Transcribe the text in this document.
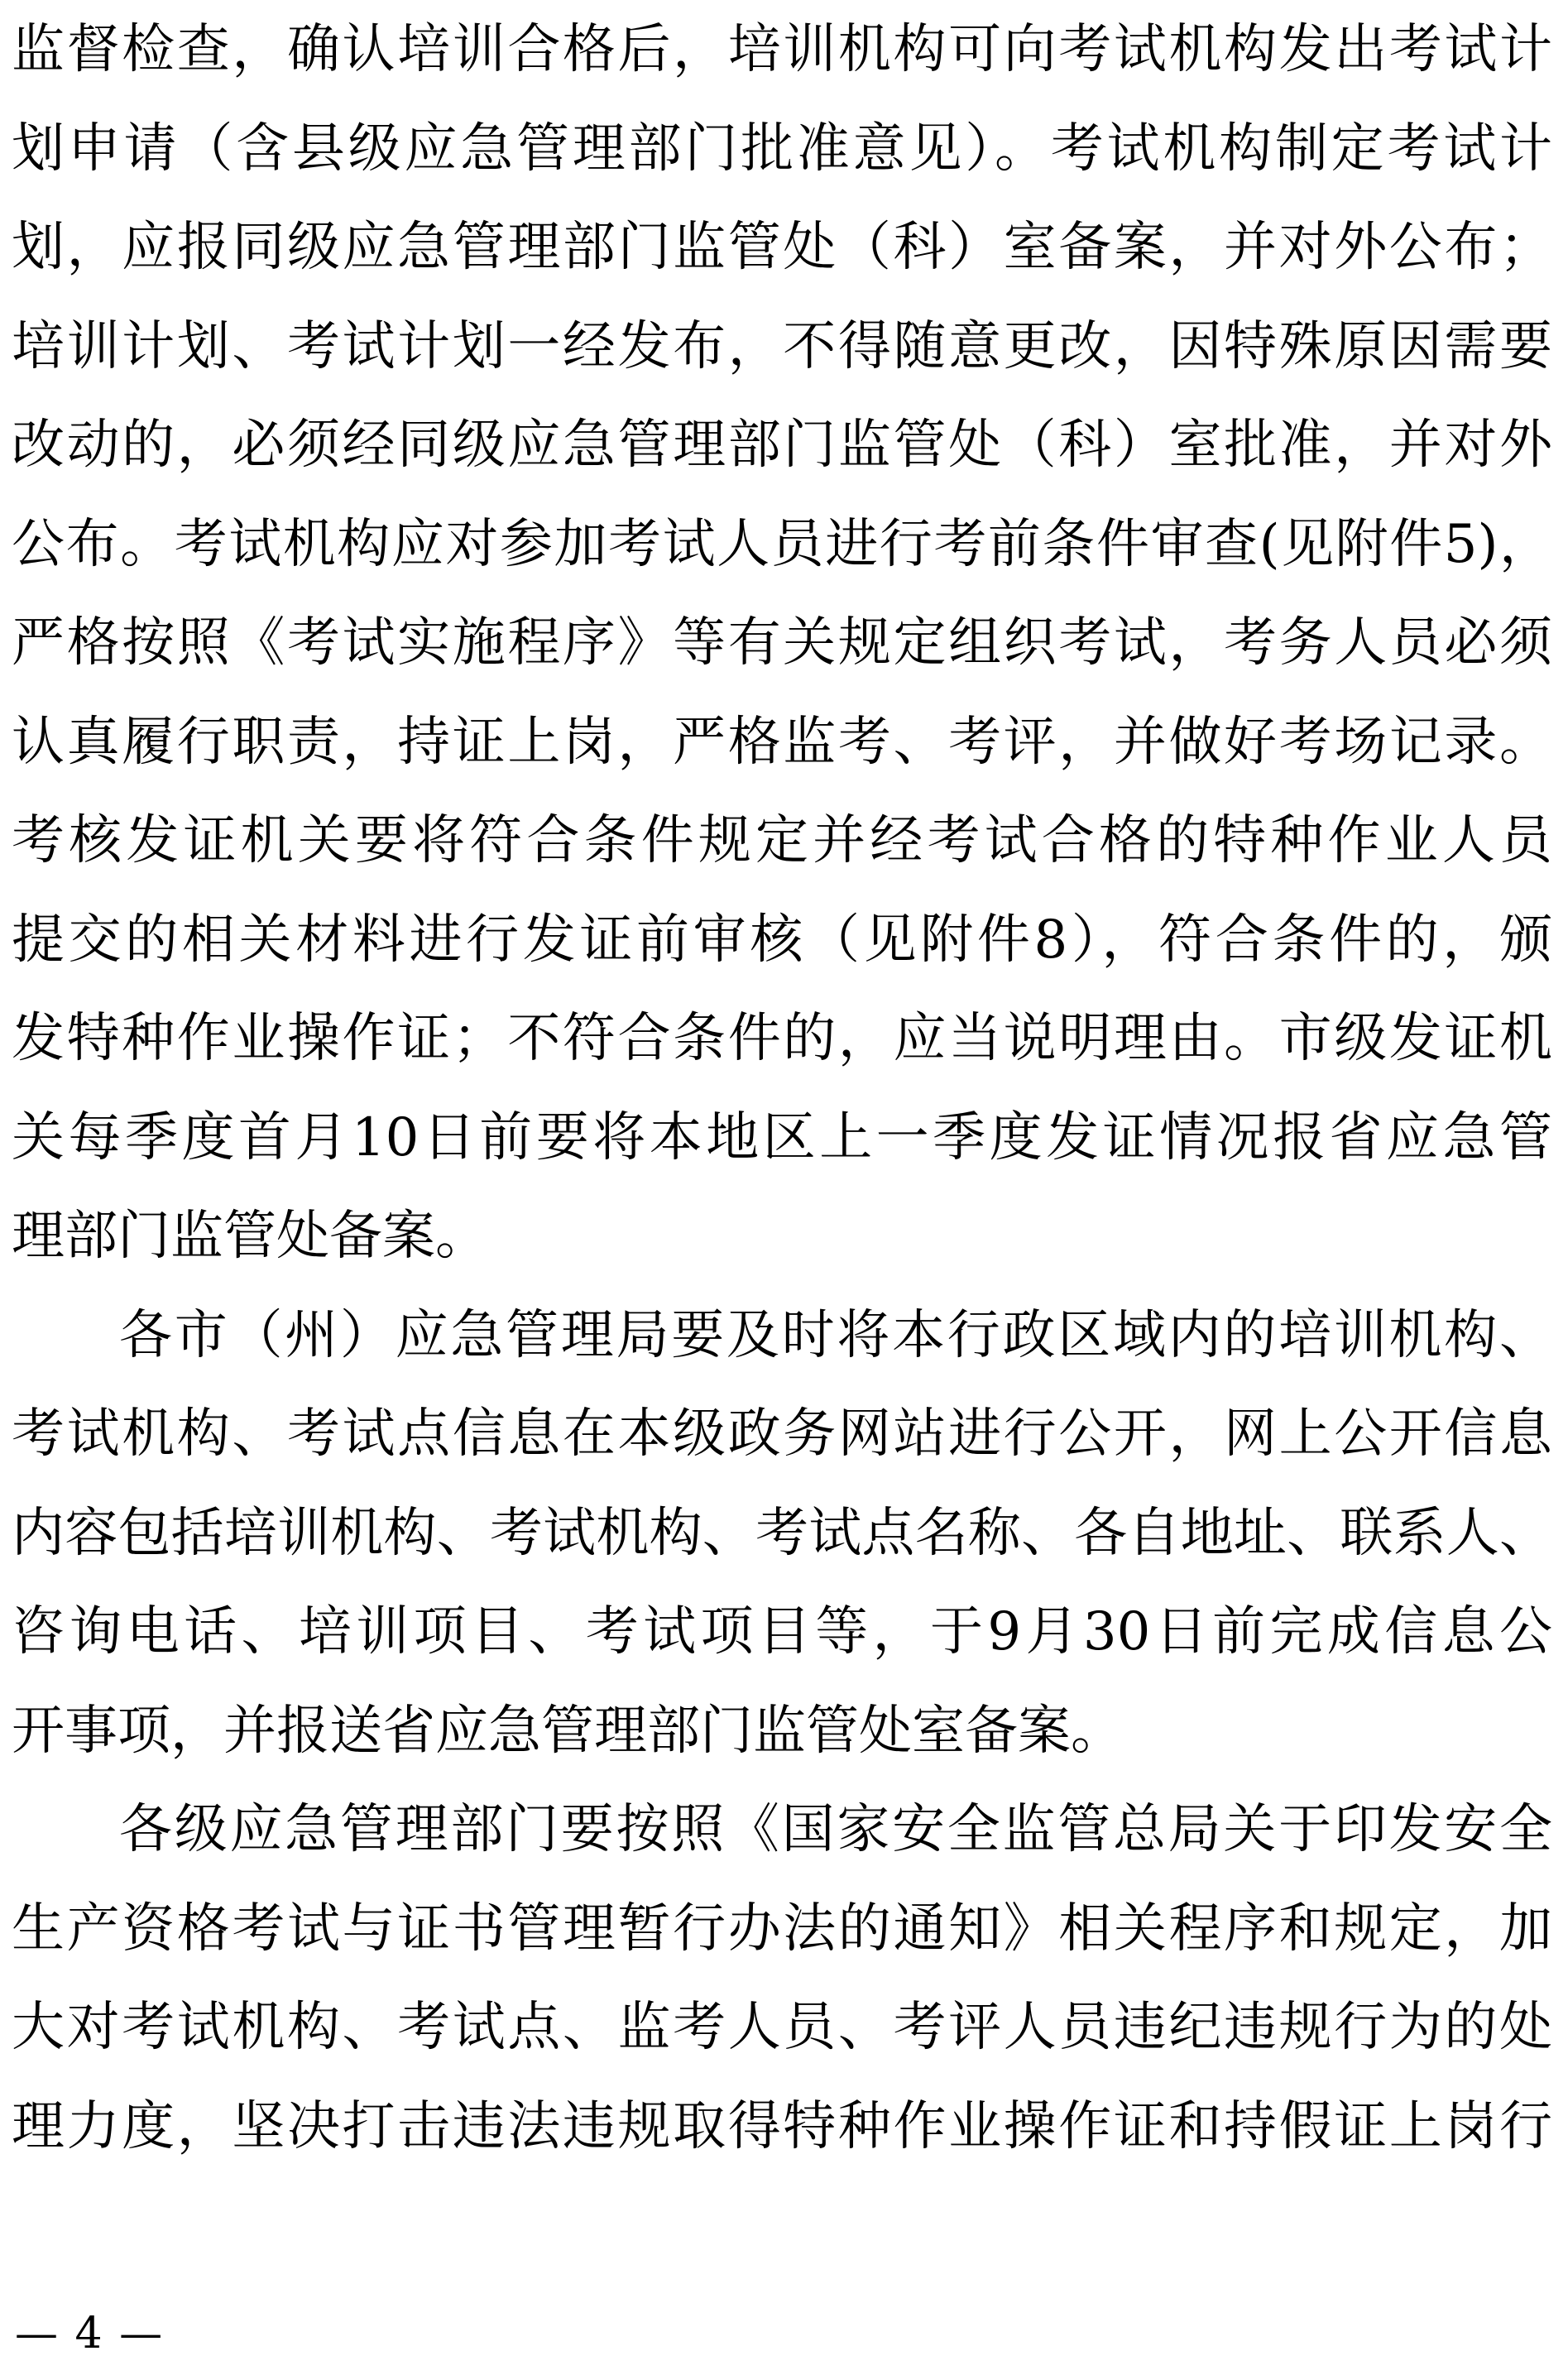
监督检查，确认培训合格后，培训机构可向考试机构发出考试计
划申请（含县级应急管理部门批准意见）。考试机构制定考试计
划，应报同级应急管理部门监管处（科）室备案，并对外公布；
培训计划、考试计划一经发布，不得随意更改，因特殊原因需要
改动的，必须经同级应急管理部门监管处（科）室批准，并对外
公布。考试机构应对参加考试人员进行考前条件审查(见附件5)，
严格按照《考试实施程序》等有关规定组织考试，考务人员必须
认真履行职责，持证上岗，严格监考、考评，并做好考场记录。
考核发证机关要将符合条件规定并经考试合格的特种作业人员
提交的相关材料进行发证前审核（见附件8），符合条件的，颁
发特种作业操作证；不符合条件的，应当说明理由。市级发证机
关每季度首月10日前要将本地区上一季度发证情况报省应急管
理部门监管处备案。
各市（州）应急管理局要及时将本行政区域内的培训机构、
考试机构、考试点信息在本级政务网站进行公开，网上公开信息
内容包括培训机构、考试机构、考试点名称、各自地址、联系人、
咨询电话、培训项目、考试项目等，于9月30日前完成信息公
开事项，并报送省应急管理部门监管处室备案。
各级应急管理部门要按照《国家安全监管总局关于印发安全
生产资格考试与证书管理暂行办法的通知》相关程序和规定，加
大对考试机构、考试点、监考人员、考评人员违纪违规行为的处
理力度，坚决打击违法违规取得特种作业操作证和持假证上岗行
— 4 —
